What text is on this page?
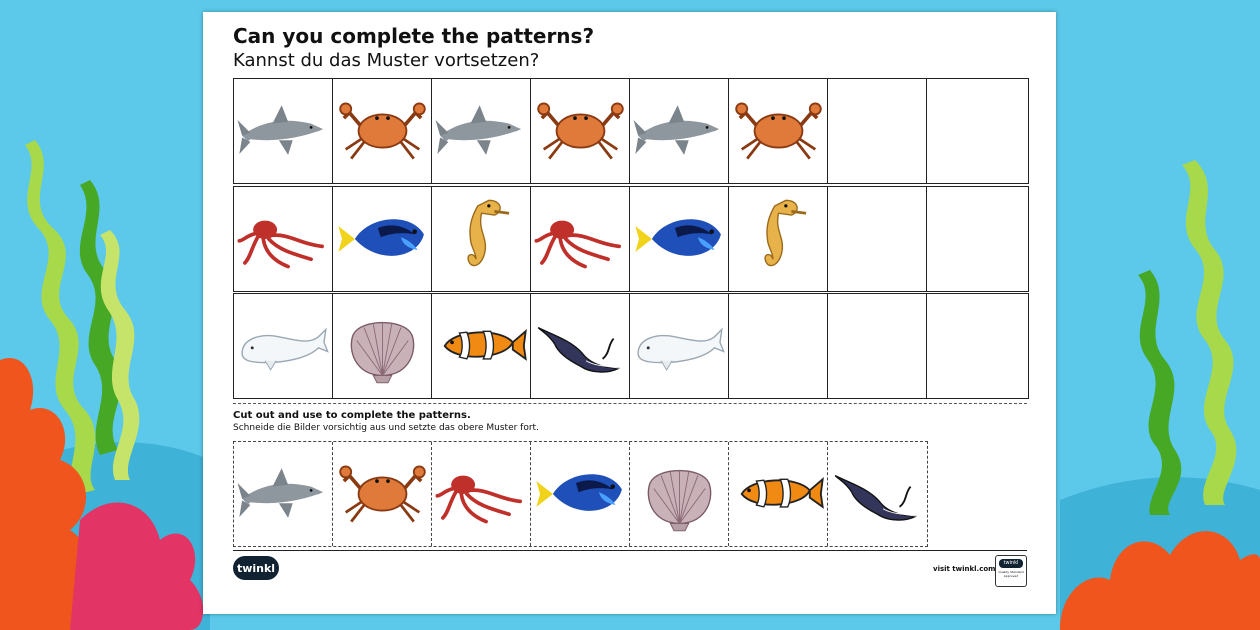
Can you complete the patterns?
Kannst du das Muster vortsetzen?
Cut out and use to complete the patterns.
Schneide die Bilder vorsichtig aus und setzte das obere Muster fort.
twinkl	visit twinkl.com
twinkl
Quality Standard Approved
